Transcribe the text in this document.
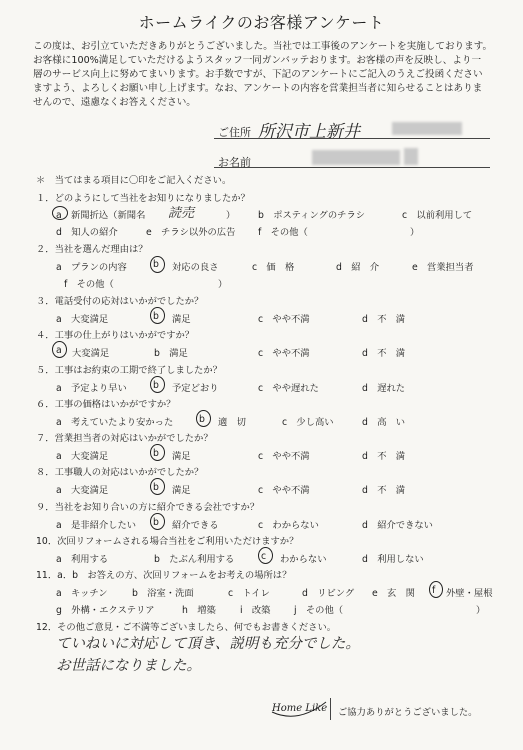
ホームライクのお客様アンケート
この度は、お引立ていただきありがとうございました。当社では工事後のアンケートを実施しております。
お客様に100%満足していただけるようスタッフ一同ガンバッテおります。お客様の声を反映し、より一
層のサービス向上に努めてまいります。お手数ですが、下記のアンケートにご記入のうえご投函ください
ますよう、よろしくお願い申し上げます。なお、アンケートの内容を営業担当者に知らせることはありま
せんので、遠慮なくお答えください。
ご住所 所沢市上新井
お名前
＊　当てはまる項目に〇印をご記入ください。
１．どのようにして当社をお知りになりましたか？
a　新聞折込（新聞名 読売	） b　ポスティングのチラシ	c　以前利用して
d　知人の紹介	e　チラシ以外の広告 f　その他（	）
２．当社を選んだ理由は？
a　プランの内容	b 対応の良さ	c　価　格	d　紹　介	e　営業担当者
f　その他（	）
３．電話受付の応対はいかがでしたか？
a　大変満足	b 満足	c　やや不満	d　不　満
４．工事の仕上がりはいかがですか？
a 大変満足	b　満足	c　やや不満	d　不　満
５．工事はお約束の工期で終了しましたか？
a　予定より早い	b 予定どおり	c　やや遅れた	d　遅れた
６．工事の価格はいかがですか？
a　考えていたより安かった	b 適　切	c　少し高い	d　高　い
７．営業担当者の対応はいかがでしたか？
a　大変満足	b 満足	c　やや不満	d　不　満
８．工事職人の対応はいかがでしたか？
a　大変満足	b 満足	c　やや不満	d　不　満
９．当社をお知り合いの方に紹介できる会社ですか？
a　是非紹介したい b 紹介できる	c　わからない	d　紹介できない
10．次回リフォームされる場合当社をご利用いただけますか？
a　利用する	b　たぶん利用する	c わからない	d　利用しない
11．a．b　お答えの方、次回リフォームをお考えの場所は？
a　キッチン	b　浴室・洗面	c　トイレ	d　リビング e　玄　関 f 外壁・屋根
g　外構・エクステリア	h　増築	i　改築	j　その他（	）
12．その他ご意見・ご不満等ございましたら、何でもお書きください。
ていねいに対応して頂き、説明も充分でした。
お世話になりました。
Home Like ご協力ありがとうございました。
